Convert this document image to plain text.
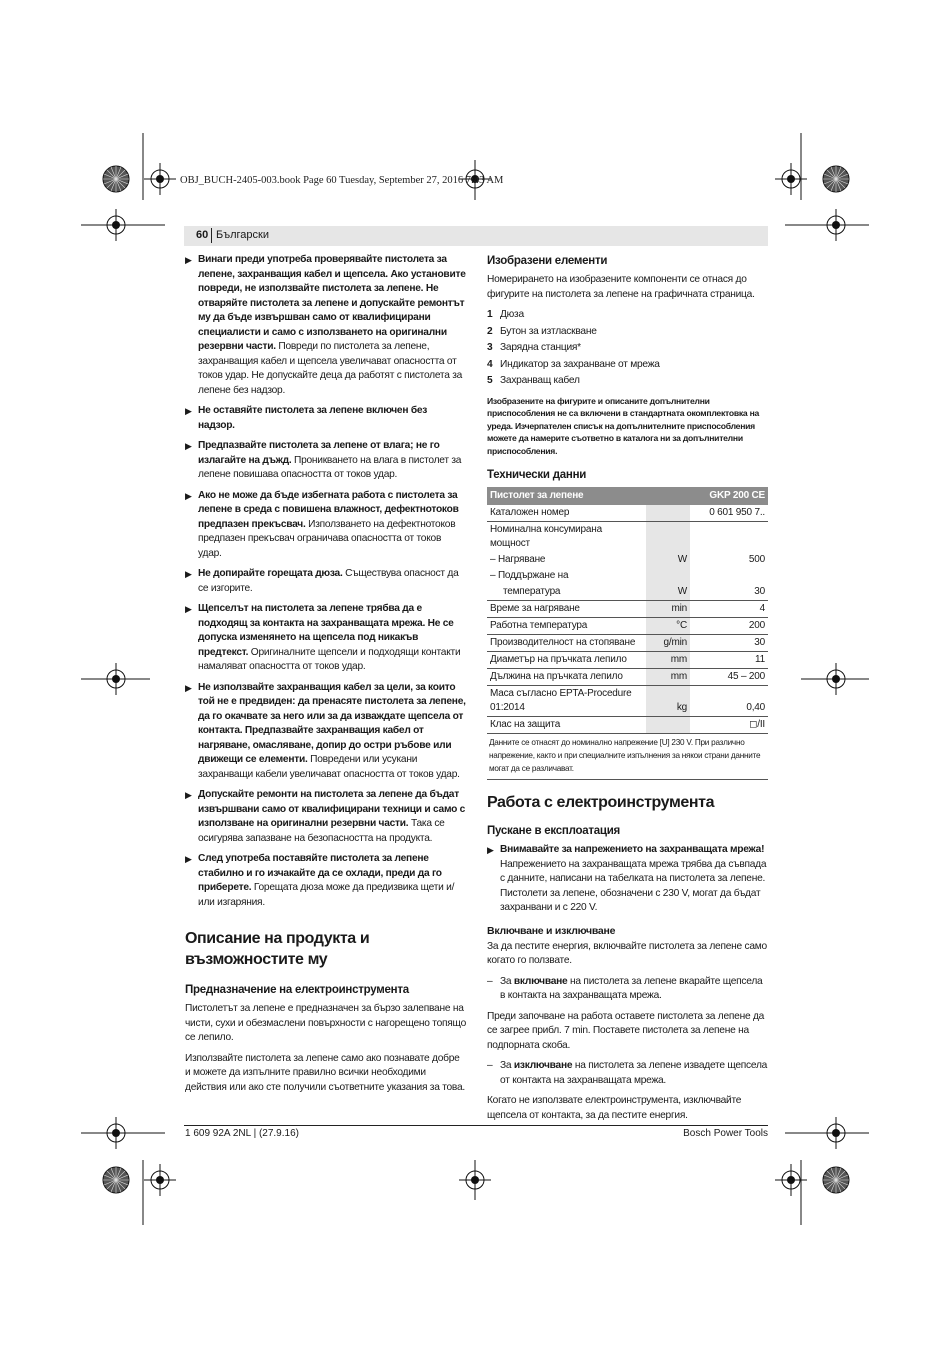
OBJ_BUCH-2405-003.book Page 60 Tuesday, September 27, 2016 7:43 AM
60 Български
▶ Винаги преди употреба проверявайте пистолета за лепене, захранващия кабел и щепсела. Ако установите повреди, не използвайте пистолета за лепене. Не отваряйте пистолета за лепене и допускайте ремонтът му да бъде извършван само от квалифицирани специалисти и само с използването на оригинални резервни части. Повреди по пистолета за лепене, захранващия кабел и щепсела увеличават опасността от токов удар. Не допускайте деца да работят с пистолета за лепене без надзор.
▶ Не оставяйте пистолета за лепене включен без надзор.
▶ Предпазвайте пистолета за лепене от влага; не го излагайте на дъжд. Проникването на влага в пистолет за лепене повишава опасността от токов удар.
▶ Ако не може да бъде избегната работа с пистолета за лепене в среда с повишена влажност, дефектнотоков предпазен прекъсвач. Използването на дефектнотоков предпазен прекъсвач ограничава опасността от токов удар.
▶ Не допирайте горещата дюза. Съществува опасност да се изгорите.
▶ Щепселът на пистолета за лепене трябва да е подходящ за контакта на захранващата мрежа. Не се допуска изменянето на щепсела под никакъв предтекст. Оригиналните щепсели и подходящи контакти намаляват опасността от токов удар.
▶ Не използвайте захранващия кабел за цели, за които той не е предвиден: да пренасяте пистолета за лепене, да го окачвате за него или за да изваждате щепсела от контакта. Предпазвайте захранващия кабел от нагряване, омасляване, допир до остри ръбове или движещи се елементи. Повредени или усукани захранващи кабели увеличават опасността от токов удар.
▶ Допускайте ремонти на пистолета за лепене да бъдат извършвани само от квалифицирани техници и само с използване на оригинални резервни части. Така се осигурява запазване на безопасността на продукта.
▶ След употреба поставяйте пистолета за лепене стабилно и го изчакайте да се охлади, преди да го приберете. Горещата дюза може да предизвика щети и/или изгаряния.
Описание на продукта и възможностите му
Предназначение на електроинструмента

Пистолетът за лепене е предназначен за бързо залепване на чисти, сухи и обезмаслени повърхности с нагорещено топящо се лепило.

Използвайте пистолета за лепене само ако познавате добре и можете да изпълните правилно всички необходими действия или ако сте получили съответните указания за това.

Изобразени елементи

Номерирането на изобразените компоненти се отнася до фигурите на пистолета за лепене на графичната страница.

1 Дюза
2 Бутон за изтласкване
3 Зарядна станция*
4 Индикатор за захранване от мрежа
5 Захранващ кабел

Изобразените на фигурите и описаните допълнителни приспособления не са включени в стандартната окомплектовка на уреда. Изчерпателен списък на допълнителните приспособления можете да намерите съответно в каталога ни за допълнителни приспособления.

Технически данни
Пистолет за лепене		GKP 200 CE
Каталожен номер		0 601 950 7..
Номинална консумирана мощност		
– Нагряване	W	500
– Поддържане на		
температура	W	30
Време за нагряване	min	4
Работна температура	°C	200
Производителност на стопяване	g/min	30
Диаметър на пръчката лепило	mm	11
Дължина на пръчката лепило	mm	45 – 200
Маса съгласно EPTA-Procedure 01:2014	kg	0,40
Клас на защита		◻/II
Данните се отнасят до номинално напрежение [U] 230 V. При различно напрежение, както и при специалните изпълнения за някои страни данните могат да се различават.
Работа с електроинструмента
Пускане в експлоатация
▶ Внимавайте за напрежението на захранващата мрежа! Напрежението на захранващата мрежа трябва да съвпада с данните, написани на табелката на пистолета за лепене. Пистолети за лепене, обозначени с 230 V, могат да бъдат захранвани и с 220 V.
Включване и изключване

За да пестите енергия, включвайте пистолета за лепене само когато го ползвате.

– За включване на пистолета за лепене вкарайте щепсела в контакта на захранващата мрежа.

Преди започване на работа оставете пистолета за лепене да се загрее прибл. 7 min. Поставете пистолета за лепене на подпорната скоба.

– За изключване на пистолета за лепене извадете щепсела от контакта на захранващата мрежа.

Когато не използвате електроинструмента, изключвайте щепсела от контакта, за да пестите енергия.

1 609 92A 2NL | (27.9.16)	Bosch Power Tools
